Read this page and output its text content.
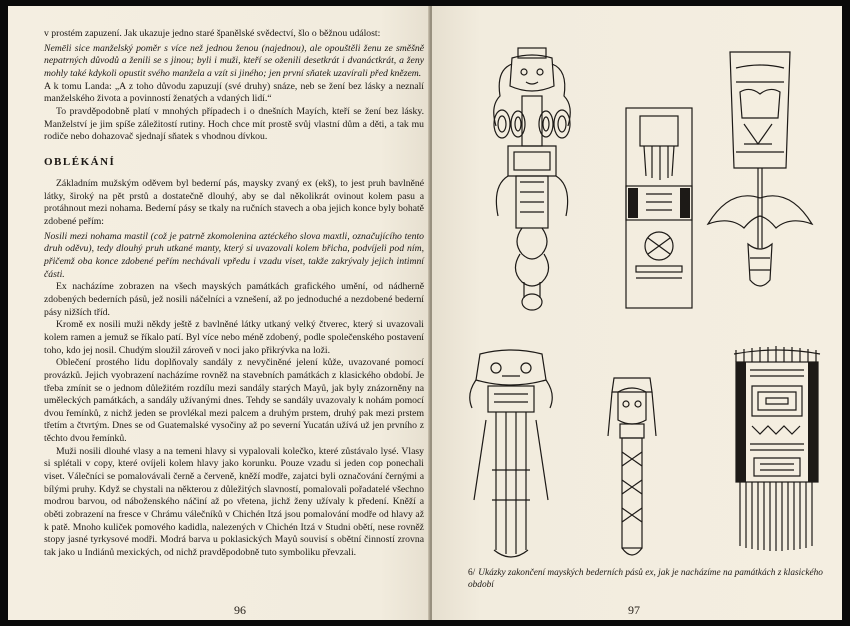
v prostém zapuzení. Jak ukazuje jedno staré španělské svědectví, šlo o běžnou událost:

Nemēli sice manželský poměr s více než jednou ženou (najednou), ale opouštěli ženu ze směšně nepatrných důvodů a ženili se s jinou; byli i muži, kteří se oženili desetkrát i dvanáctkrát, a ženy mohly také kdykoli opustit svého manžela a vzít si jiného; jen první sňatek uzavírali před knězem.

A k tomu Landa: „A z toho důvodu zapuzují (své druhy) snáze, neb se žení bez lásky a neznalí manželského života a povinností ženatých a vdaných lidí.“

To pravděpodobně platí v mnohých případech i o dnešních Mayích, kteří se žení bez lásky. Manželství je jim spíše záležitostí rutiny. Hoch chce mít prostě svůj vlastní dům a děti, a tak mu rodiče nebo dohazovač sjednají sňatek s vhodnou dívkou.

OBLÉKÁNÍ

Základním mužským oděvem byl bederní pás, maysky zvaný ex (ekš), to jest pruh bavlněné látky, široký na pět prstů a dostatečně dlouhý, aby se dal několikrát ovinout kolem pasu a protáhnout mezi nohama. Bederní pásy se tkaly na ručních stavech a oba jejich konce byly bohatě zdobené peřím:

Nosili mezi nohama mastil (což je patrně zkomolenina aztéckého slova maxtli, označujícího tento druh oděvu), tedy dlouhý pruh utkané manty, který si uvazovali kolem břicha, podvíjeli pod ním, přičemž oba konce zdobené peřím nechávali vpředu i vzadu viset, takže zakrývaly jejich intimní části.

Ex nacházíme zobrazen na všech mayských památkách grafického umění, od nádherně zdobených bederních pásů, jež nosili náčelníci a vznešení, až po jednoduché a nezdobené bederní pásy nižších tříd.

Kromě ex nosili muži někdy ještě z bavlněné látky utkaný velký čtverec, který si uvazovali kolem ramen a jemuž se říkalo patí. Byl více nebo méně zdobený, podle společenského postavení toho, kdo jej nosil. Chudým sloužil zároveň v noci jako přikrývka na loži.

Oblečení prostého lidu doplňovaly sandály z nevyčiněné jelení kůže, uvazované pomocí provázků. Jejich vyobrazení nacházíme rovněž na stavebních památkách z klasického období. Je třeba zmínit se o jednom důležitém rozdílu mezi sandály starých Mayů, jak byly znázorněny na uměleckých památkách, a sandály užívanými dnes. Tehdy se sandály uvazovaly k nohám pomocí dvou řemínků, z nichž jeden se provlékal mezi palcem a druhým prstem, druhý pak mezi prstem třetím a čtvrtým. Dnes se od Guatemalské vysočiny až po severní Yucatán užívá už jen prvního z těchto dvou řemínků.

Muži nosili dlouhé vlasy a na temeni hlavy si vypalovali kolečko, které zůstávalo lysé. Vlasy si splétali v copy, které ovíjeli kolem hlavy jako korunku. Pouze vzadu si jeden cop ponechali viset. Válečníci se pomalovávali černě a červeně, kněží modře, zajatci byli označování černými a bílými pruhy. Když se chystali na některou z důležitých slavností, pomalovali pořadatelé všechno modrou barvou, od náboženského náčiní až po vřetena, jichž ženy užívaly k předení. Kněží a oběti zobrazení na fresce v Chrámu válečníků v Chichén Itzá jsou pomalování modře od hlavy až k patě. Mnoho kuliček pomového kadidla, nalezených v Chichén Itzá v Studni obětí, nese rovněž stopy jasné tyrkysové modři. Modrá barva u poklasických Mayů souvisí s obětní činností zrovna tak jako u Indiánů mexických, od nichž pravděpodobně tuto symboliku převzali.

96
6/ Ukázky zakončení mayských bederních pásů ex, jak je nacházíme na památkách z klasického období
97
